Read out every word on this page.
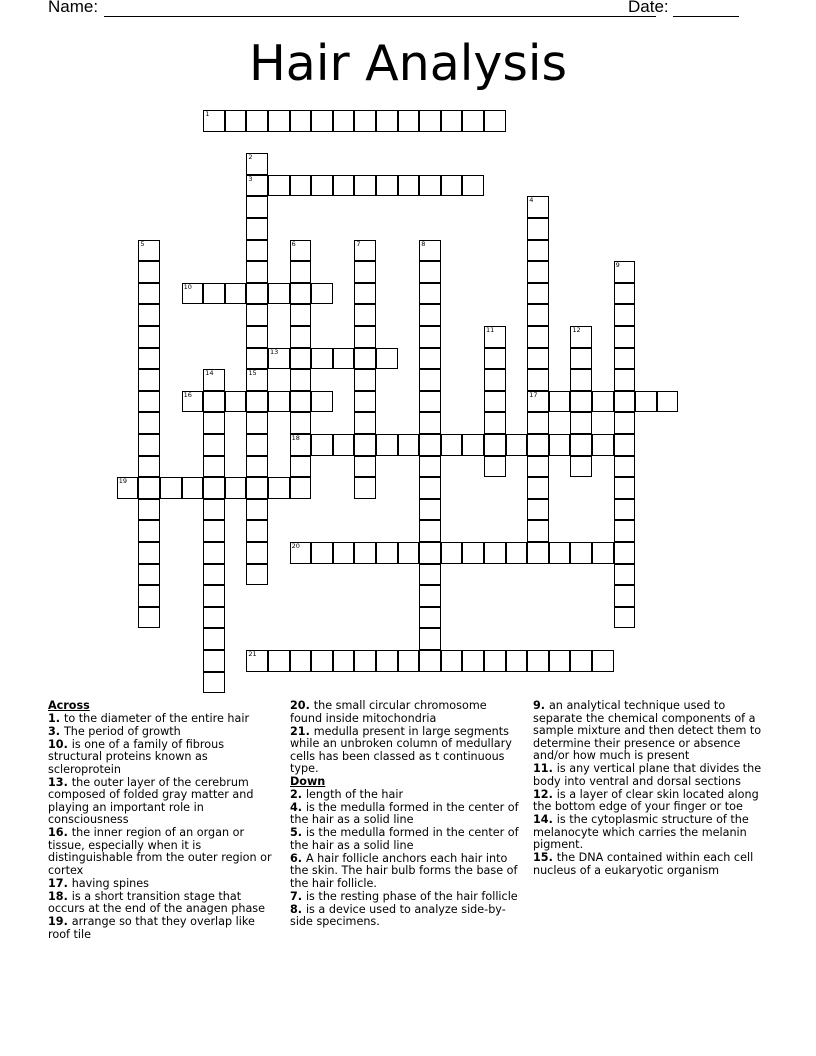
Name:	Date:
Hair Analysis
1
2
3
4
17
5	6
18
7	8
9
10
11	12
13
14	15
16
19
20
21
Across
1. to the diameter of the entire hair
3. The period of growth
10. is one of a family of fibrous structural proteins known as scleroprotein
13. the outer layer of the cerebrum composed of folded gray matter and playing an important role in consciousness
16. the inner region of an organ or tissue, especially when it is distinguishable from the outer region or cortex
17. having spines
18. is a short transition stage that occurs at the end of the anagen phase
19. arrange so that they overlap like roof tile
20. the small circular chromosome found inside mitochondria
21. medulla present in large segments while an unbroken column of medullary cells has been classed as t continuous type.
Down
2. length of the hair
4. is the medulla formed in the center of the hair as a solid line
5. is the medulla formed in the center of the hair as a solid line
6. A hair follicle anchors each hair into the skin. The hair bulb forms the base of the hair follicle.
7. is the resting phase of the hair follicle
8. is a device used to analyze side-by-side specimens.
9. an analytical technique used to separate the chemical components of a sample mixture and then detect them to determine their presence or absence and/or how much is present
11. is any vertical plane that divides the body into ventral and dorsal sections
12. is a layer of clear skin located along the bottom edge of your finger or toe
14. is the cytoplasmic structure of the melanocyte which carries the melanin pigment.
15. the DNA contained within each cell nucleus of a eukaryotic organism
